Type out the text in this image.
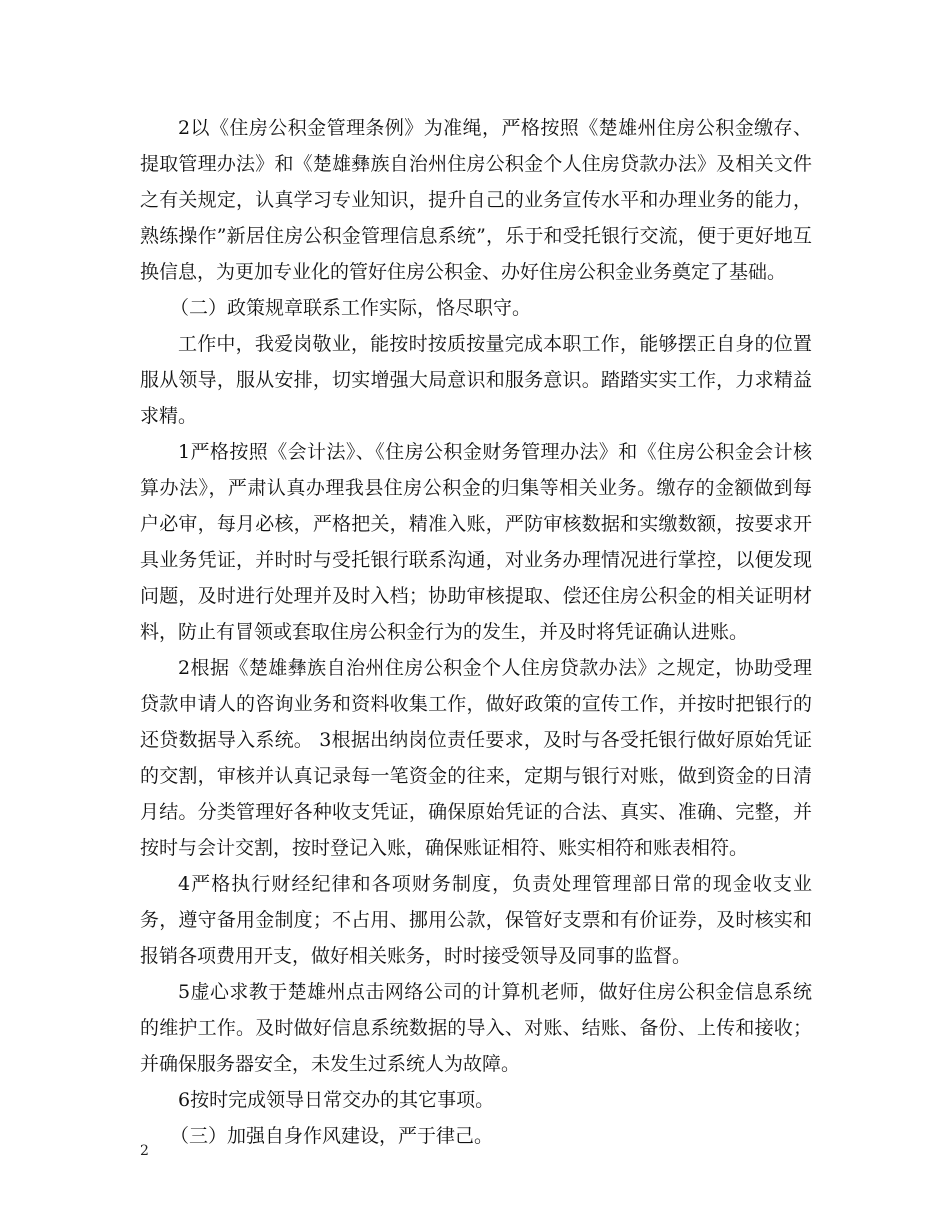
2以《住房公积金管理条例》为准绳，严格按照《楚雄州住房公积金缴存、提取管理办法》和《楚雄彝族自治州住房公积金个人住房贷款办法》及相关文件之有关规定，认真学习专业知识，提升自己的业务宣传水平和办理业务的能力，熟练操作”新居住房公积金管理信息系统”，乐于和受托银行交流，便于更好地互换信息，为更加专业化的管好住房公积金、办好住房公积金业务奠定了基础。

（二）政策规章联系工作实际，恪尽职守。

工作中，我爱岗敬业，能按时按质按量完成本职工作，能够摆正自身的位置服从领导，服从安排，切实增强大局意识和服务意识。踏踏实实工作，力求精益求精。

1严格按照《会计法》、《住房公积金财务管理办法》和《住房公积金会计核算办法》，严肃认真办理我县住房公积金的归集等相关业务。缴存的金额做到每户必审，每月必核，严格把关，精准入账，严防审核数据和实缴数额，按要求开具业务凭证，并时时与受托银行联系沟通，对业务办理情况进行掌控，以便发现问题，及时进行处理并及时入档；协助审核提取、偿还住房公积金的相关证明材料，防止有冒领或套取住房公积金行为的发生，并及时将凭证确认进账。

2根据《楚雄彝族自治州住房公积金个人住房贷款办法》之规定，协助受理贷款申请人的咨询业务和资料收集工作，做好政策的宣传工作，并按时把银行的还贷数据导入系统。 3根据出纳岗位责任要求，及时与各受托银行做好原始凭证的交割，审核并认真记录每一笔资金的往来，定期与银行对账，做到资金的日清月结。分类管理好各种收支凭证，确保原始凭证的合法、真实、准确、完整，并按时与会计交割，按时登记入账，确保账证相符、账实相符和账表相符。

4严格执行财经纪律和各项财务制度，负责处理管理部日常的现金收支业务，遵守备用金制度；不占用、挪用公款，保管好支票和有价证券，及时核实和报销各项费用开支，做好相关账务，时时接受领导及同事的监督。

5虚心求教于楚雄州点击网络公司的计算机老师，做好住房公积金信息系统的维护工作。及时做好信息系统数据的导入、对账、结账、备份、上传和接收；并确保服务器安全，未发生过系统人为故障。

6按时完成领导日常交办的其它事项。

（三）加强自身作风建设，严于律己。

2
